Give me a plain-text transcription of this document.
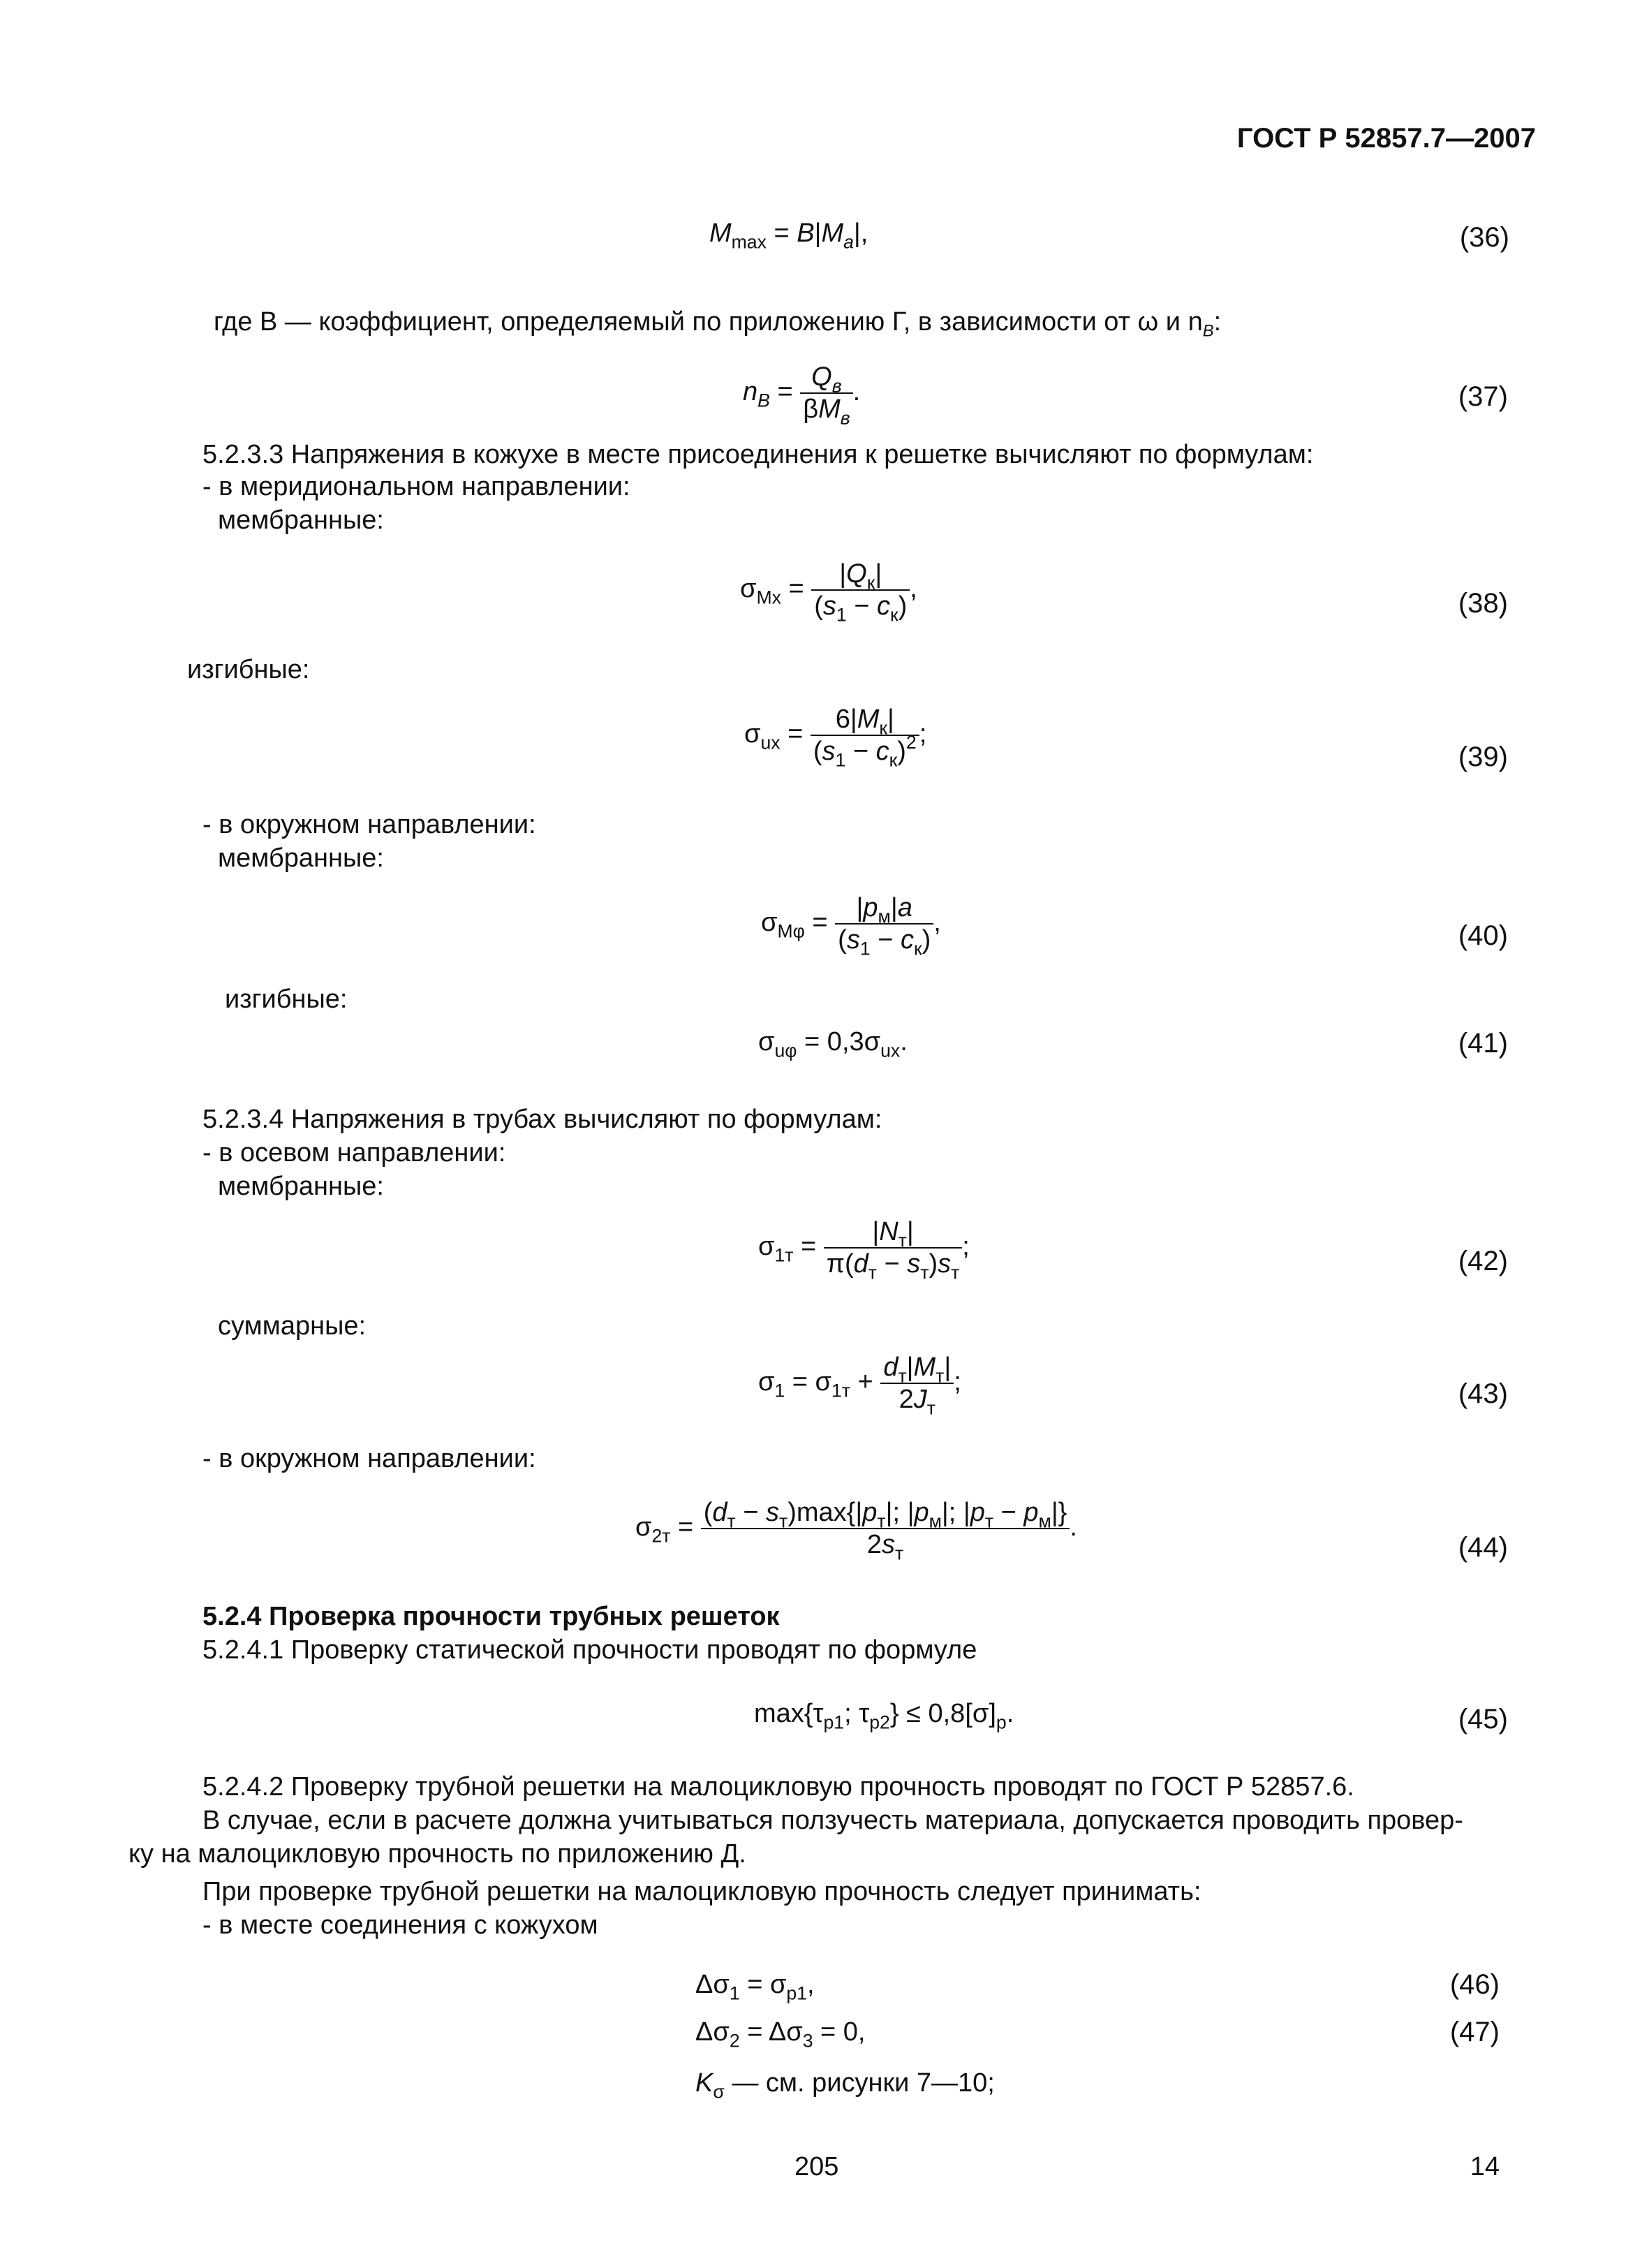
ГОСТ Р 52857.7—2007
$M_{max} = B|M_a|$,	(36)
где B — коэффициент, определяемый по приложению Г, в зависимости от ω и $n_B$:
$n_B = \frac{Q_в}{\beta M_в}$ .	(37)
5.2.3.3 Напряжения в кожухе в месте присоединения к решетке вычисляют по формулам:
- в меридиональном направлении:
мембранные:
$\sigma_{Mx} = \frac{|Q_к|}{(s_1 - c_к)}$ ,	(38)
изгибные:
$\sigma_{ux} = \frac{6|M_к|}{(s_1 - c_к)^2}$ ;
(39)
- в окружном направлении:
мембранные:
$\sigma_{M\varphi} = \frac{|p_м|a}{(s_1 - c_к)}$ ,	(40)
изгибные:
$\sigma_{u\varphi} = 0,3\sigma_{ux}$.	(41)
5.2.3.4 Напряжения в трубах вычисляют по формулам:
- в осевом направлении:
мембранные:
$\sigma_{1т} = \frac{|N_т|}{\pi(d_т - s_т)s_т}$ ;	(42)
суммарные:
$\sigma_1 = \sigma_{1т} + \frac{d_т|M_т|}{2J_т}$ ;	(43)
- в окружном направлении:
$\sigma_{2т} = \frac{(d_т - s_т)\max\{|p_т|; |p_м|; |p_т - p_м|\}}{2s_т}$ .
(44)
5.2.4 Проверка прочности трубных решеток
5.2.4.1 Проверку статической прочности проводят по формуле
$\max\{\tau_{p1}$; $\tau_{p2}\} \le 0,8[\sigma]_p$.	(45)
5.2.4.2 Проверку трубной решетки на малоцикловую прочность проводят по ГОСТ Р 52857.6.
В случае, если в расчете должна учитываться ползучесть материала, допускается проводить провер-
ку на малоцикловую прочность по приложению Д.
При проверке трубной решетки на малоцикловую прочность следует принимать:
- в месте соединения с кожухом
$\Delta\sigma_1 = \sigma_{p1}$,	(46)
$\Delta\sigma_2 = \Delta\sigma_3 = 0$,	(47)
$K_\sigma$ — см. рисунки 7—10;
205	14
